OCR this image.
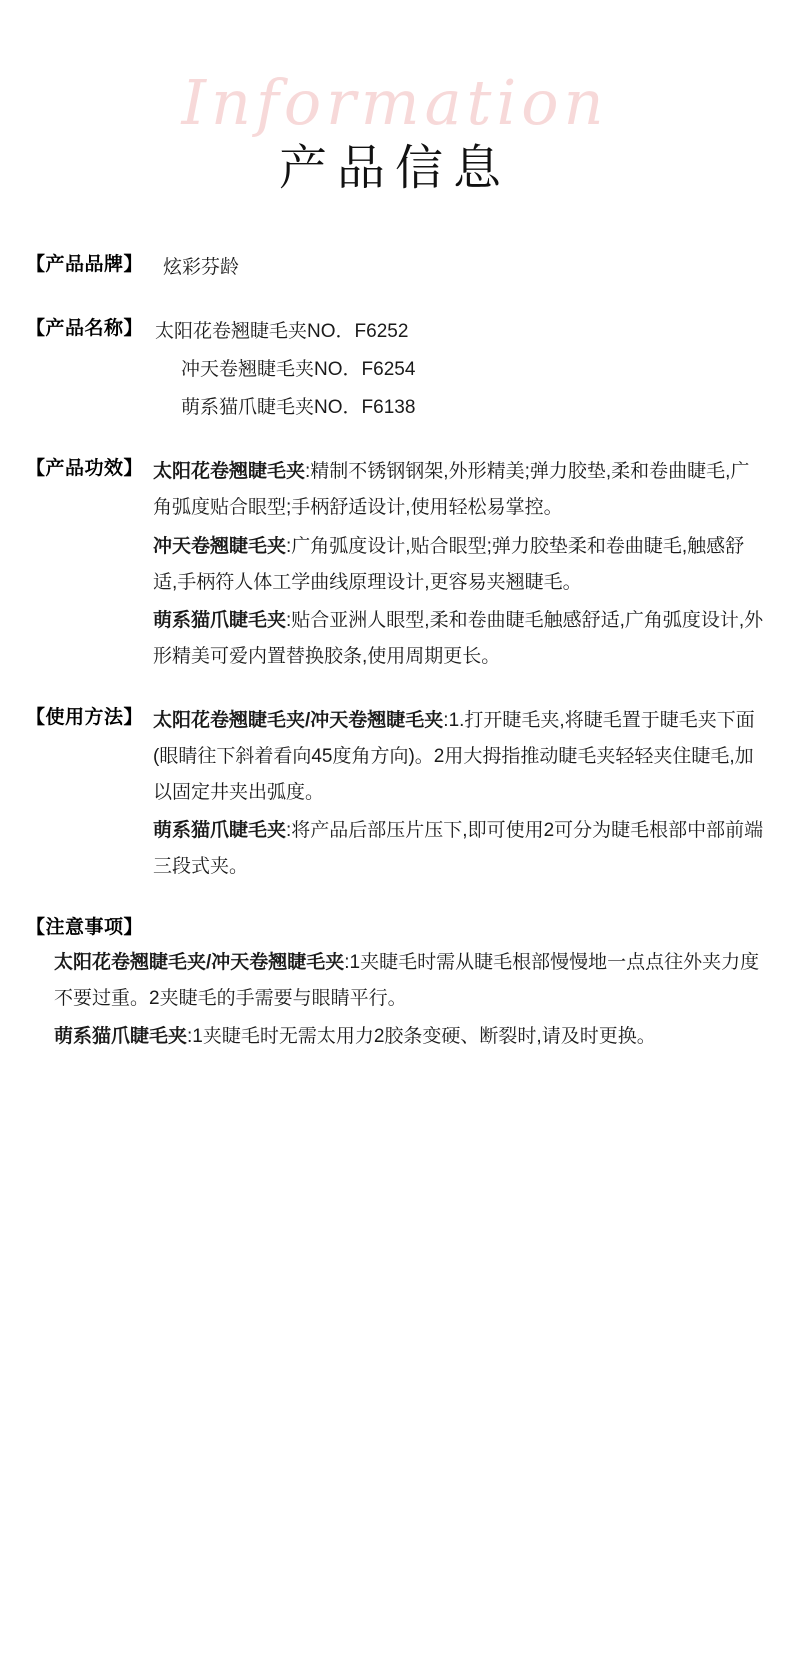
Information
产品信息
【产品品牌】 炫彩芬龄

【产品名称】 太阳花卷翘睫毛夹NO．F6252

冲天卷翘睫毛夹NO．F6254

萌系猫爪睫毛夹NO．F6138

【产品功效】 太阳花卷翘睫毛夹:精制不锈钢钢架,外形精美;弹力胶垫,柔和卷曲睫毛,广角弧度贴合眼型;手柄舒适设计,使用轻松易掌控。

冲天卷翘睫毛夹:广角弧度设计,贴合眼型;弹力胶垫柔和卷曲睫毛,触感舒适,手柄符人体工学曲线原理设计,更容易夹翘睫毛。

萌系猫爪睫毛夹:贴合亚洲人眼型,柔和卷曲睫毛触感舒适,广角弧度设计,外形精美可爱内置替换胶条,使用周期更长。

【使用方法】 太阳花卷翘睫毛夹/冲天卷翘睫毛夹:1.打开睫毛夹,将睫毛置于睫毛夹下面(眼睛往下斜着看向45度角方向)。2用大拇指推动睫毛夹轻轻夹住睫毛,加以固定井夹出弧度。

萌系猫爪睫毛夹:将产品后部压片压下,即可使用2可分为睫毛根部中部前端三段式夹。

【注意事项】

太阳花卷翘睫毛夹/冲天卷翘睫毛夹:1夹睫毛时需从睫毛根部慢慢地一点点往外夹力度不要过重。2夹睫毛的手需要与眼睛平行。

萌系猫爪睫毛夹:1夹睫毛时无需太用力2胶条变硬、断裂时,请及时更换。
